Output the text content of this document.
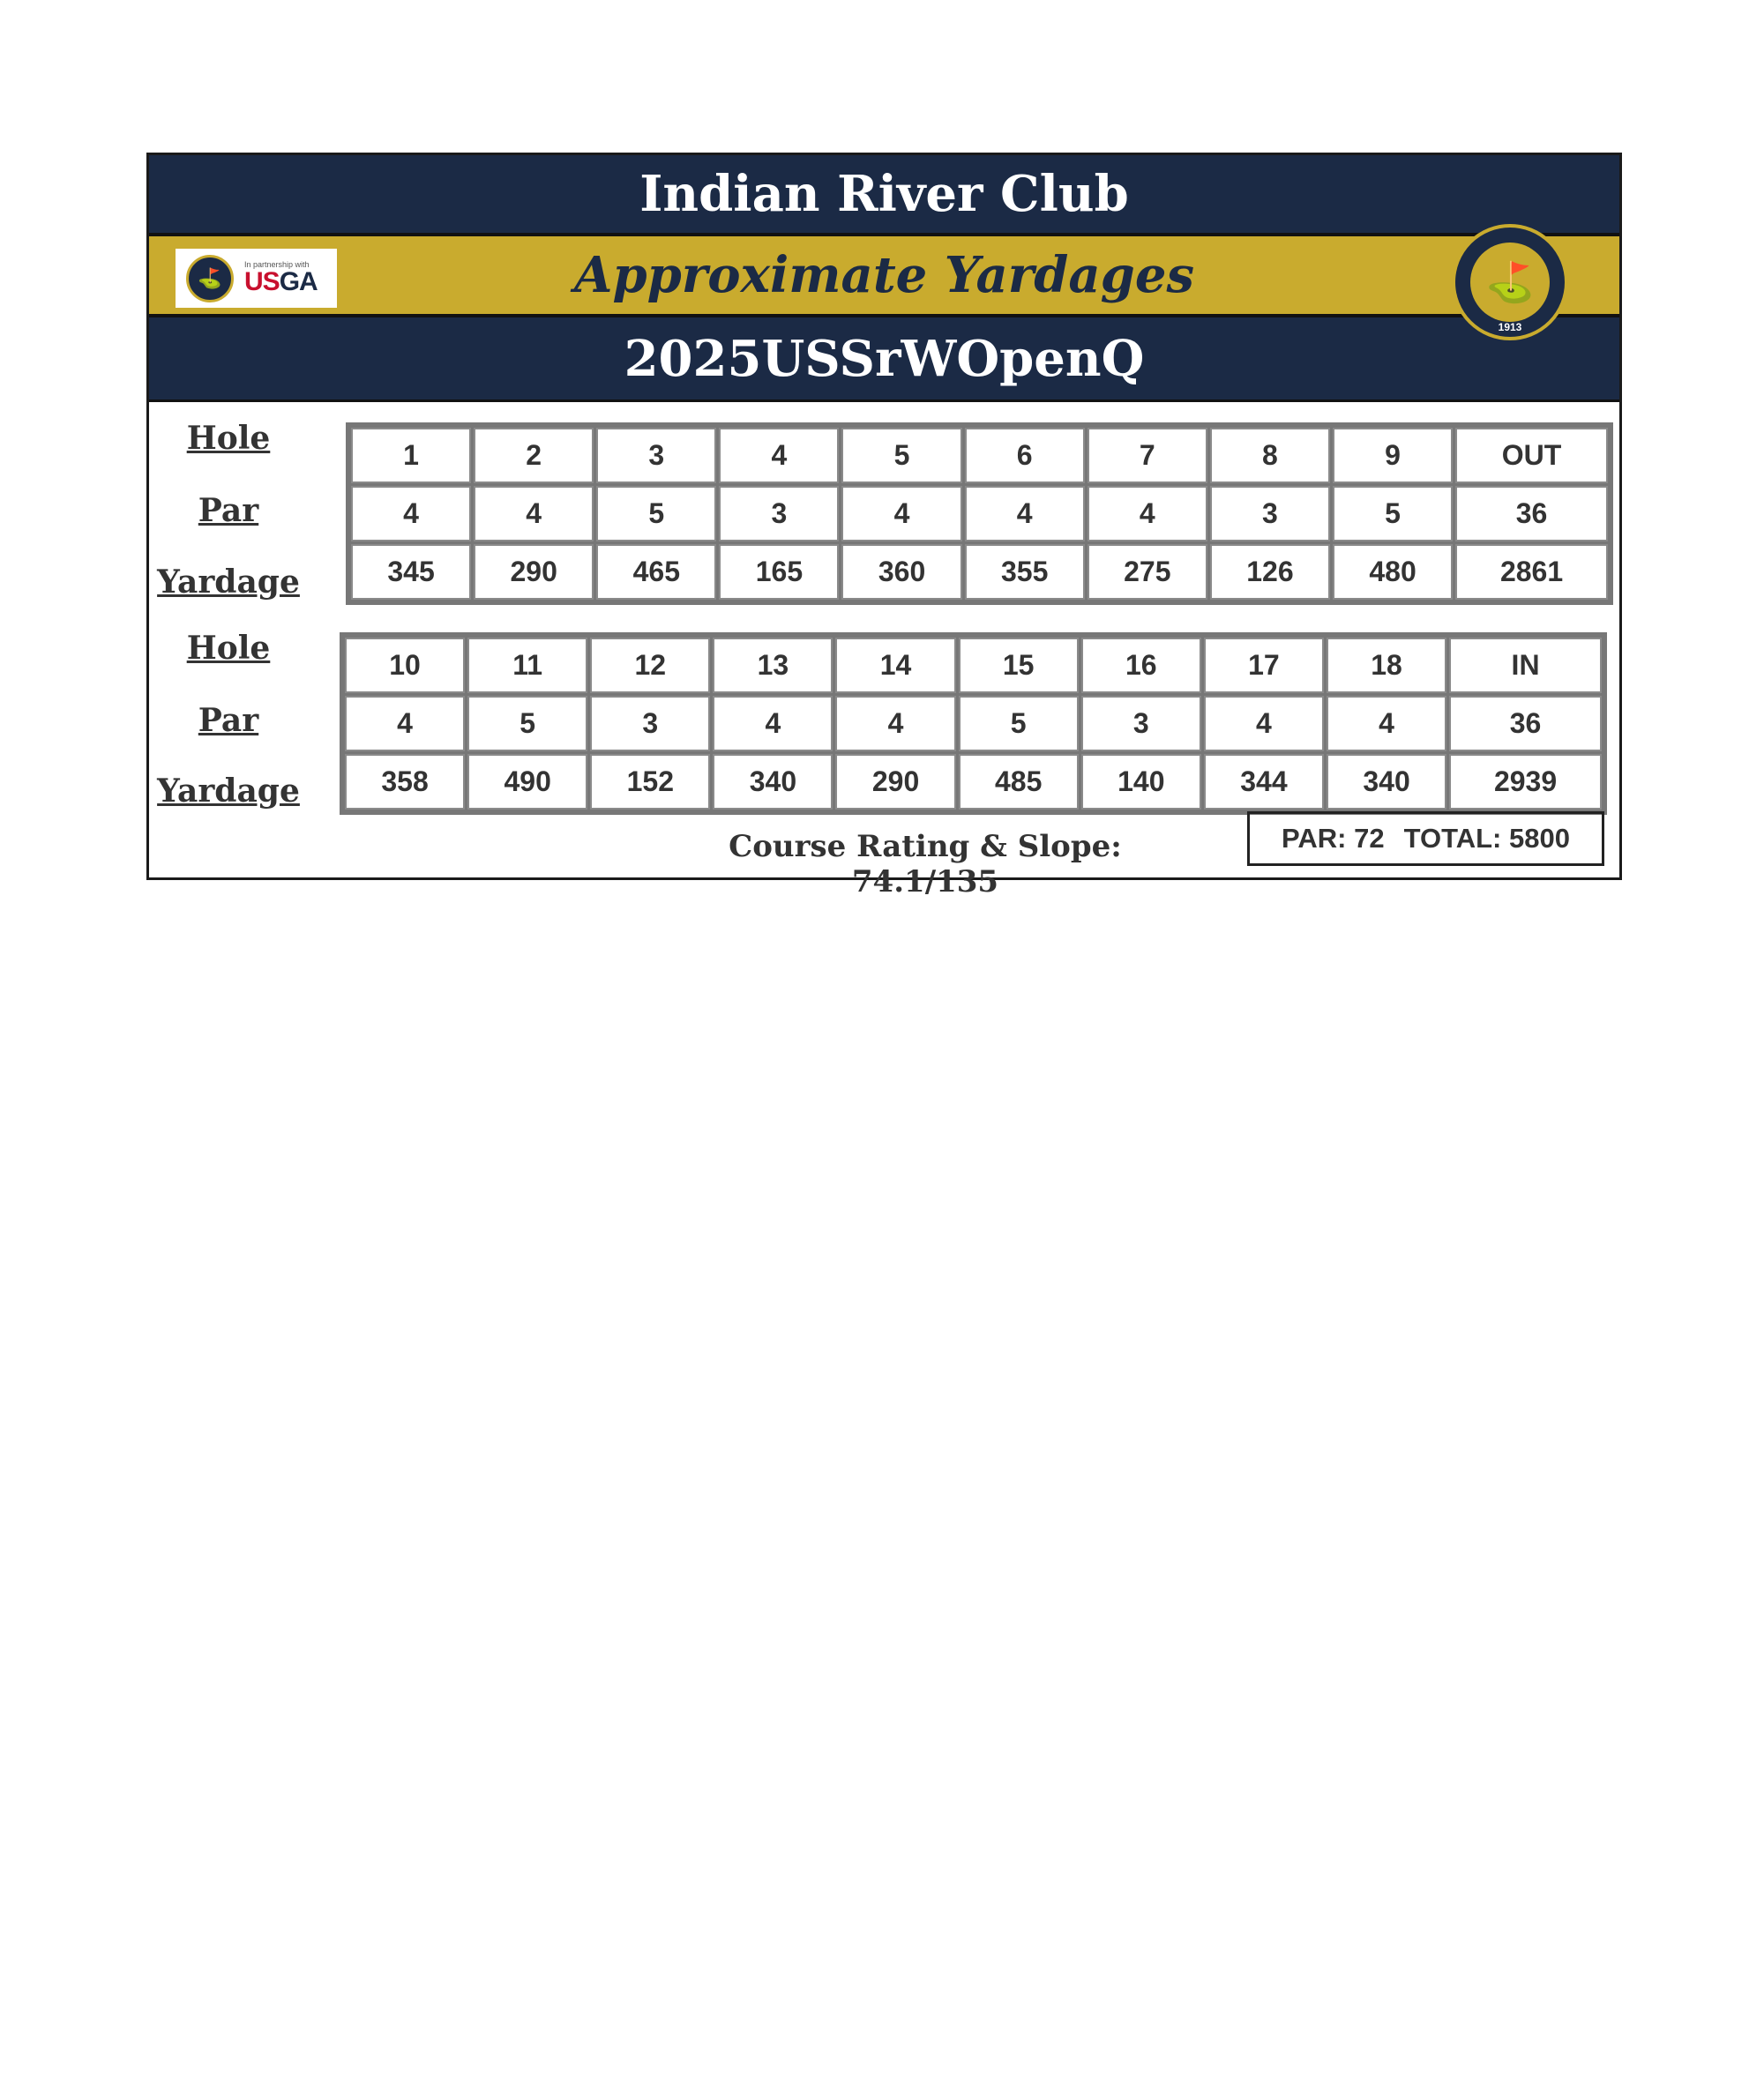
Indian River Club
⛳
In partnership with
USGA	Approximate Yardages
2025USSrWOpenQ
⛳
1913
Hole
Par
Yardage
1	2	3	4	5	6	7	8	9	OUT
4	4	5	3	4	4	4	3	5	36
345	290	465	165	360	355	275	126	480	2861
Hole
Par
Yardage
10	11	12	13	14	15	16	17	18	IN
4	5	3	4	4	5	3	4	4	36
358	490	152	340	290	485	140	344	340	2939
Course Rating & Slope: 74.1/135
PAR: 72 TOTAL: 5800
